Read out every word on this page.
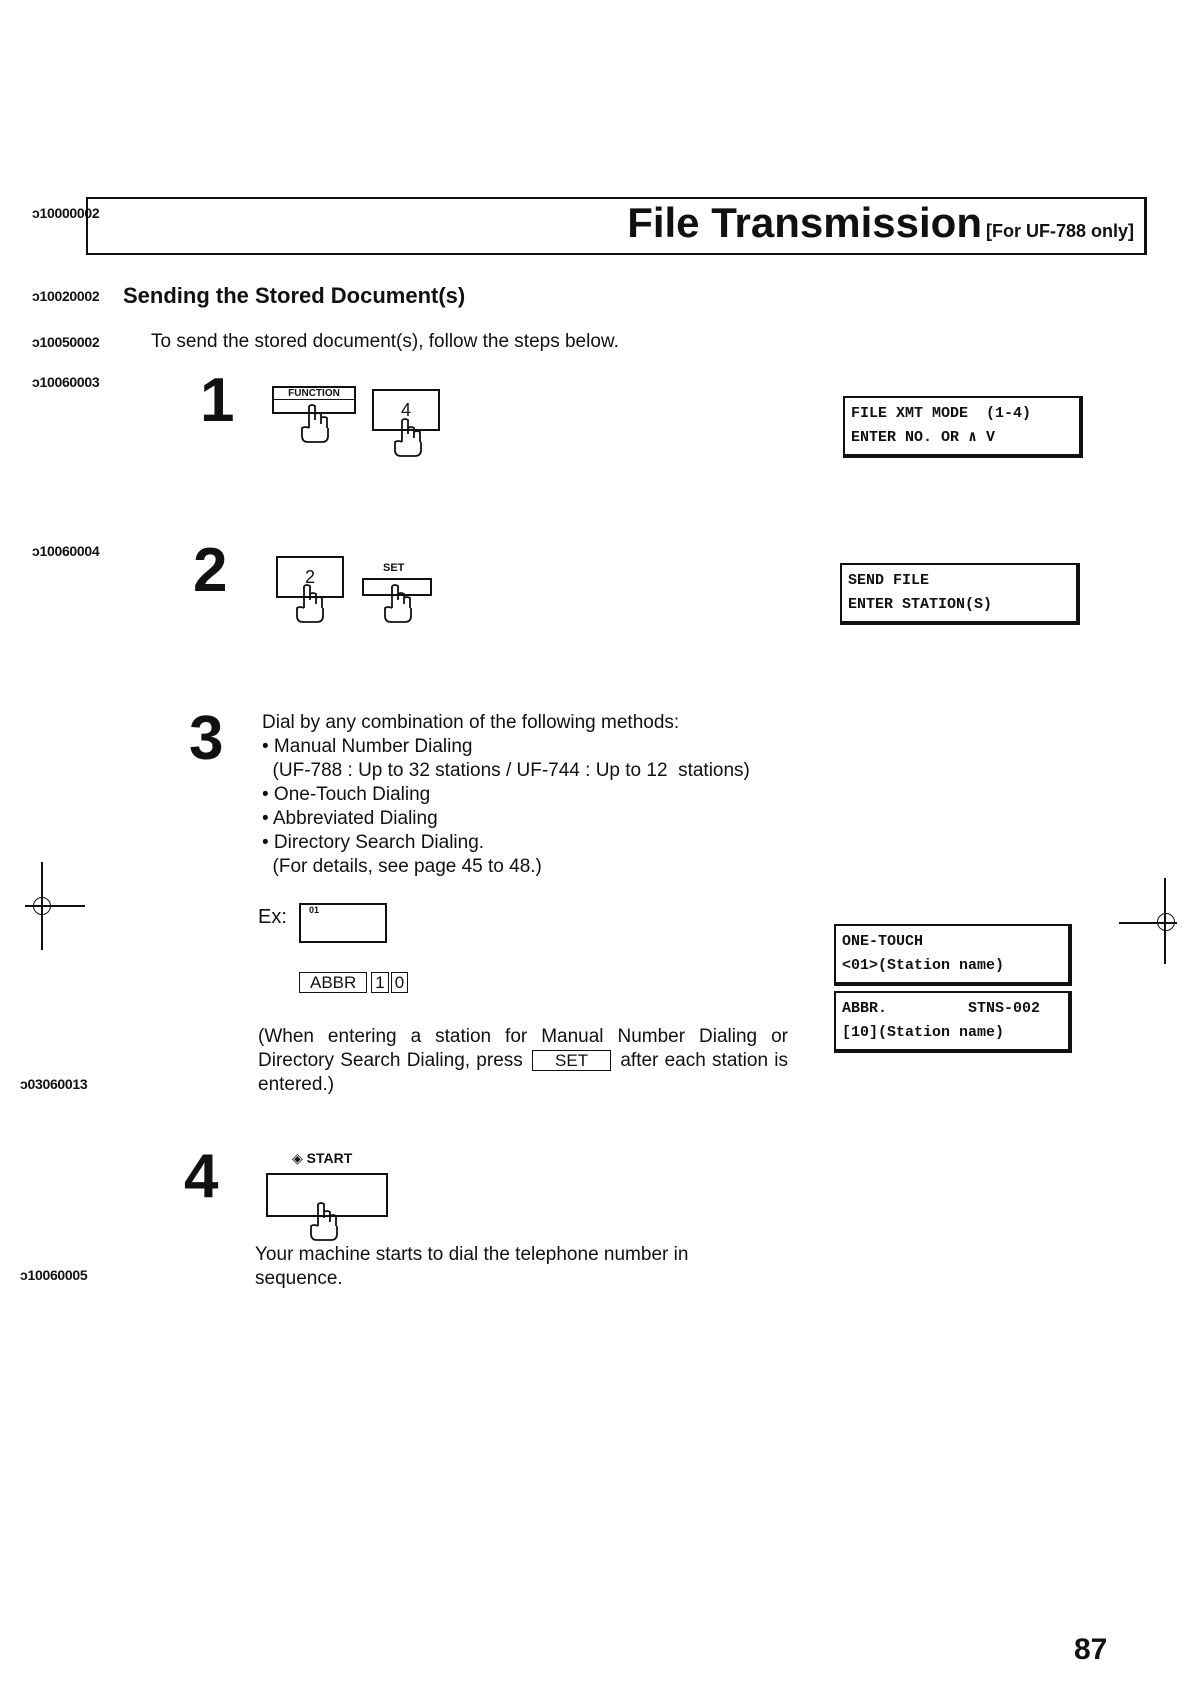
ↄ10000002	File Transmission [For UF-788 only]
ↄ10020002 Sending the Stored Document(s)
ↄ10050002	To send the stored document(s), follow the steps below.
ↄ10060003 1	FUNCTION
4	FILE XMT MODE  (1-4)
ENTER NO. OR ∧ V
ↄ10060004 2	2	SET
SEND FILE
ENTER STATION(S)
3 Dial by any combination of the following methods:
• Manual Number Dialing
(UF-788 : Up to 32 stations / UF-744 : Up to 12  stations)
• One-Touch Dialing
• Abbreviated Dialing
• Directory Search Dialing.
(For details, see page 45 to 48.)
Ex:	$^{01}$
ABBR 1 0
(When entering a station for Manual Number Dialing or Directory Search Dialing, press SET after each station is entered.)
ↄ03060013
ONE-TOUCH
<01>(Station name)
ABBR.         STNS-002
[10](Station name)
4	◈ START
Your machine starts to dial the telephone number in sequence.
ↄ10060005
87
